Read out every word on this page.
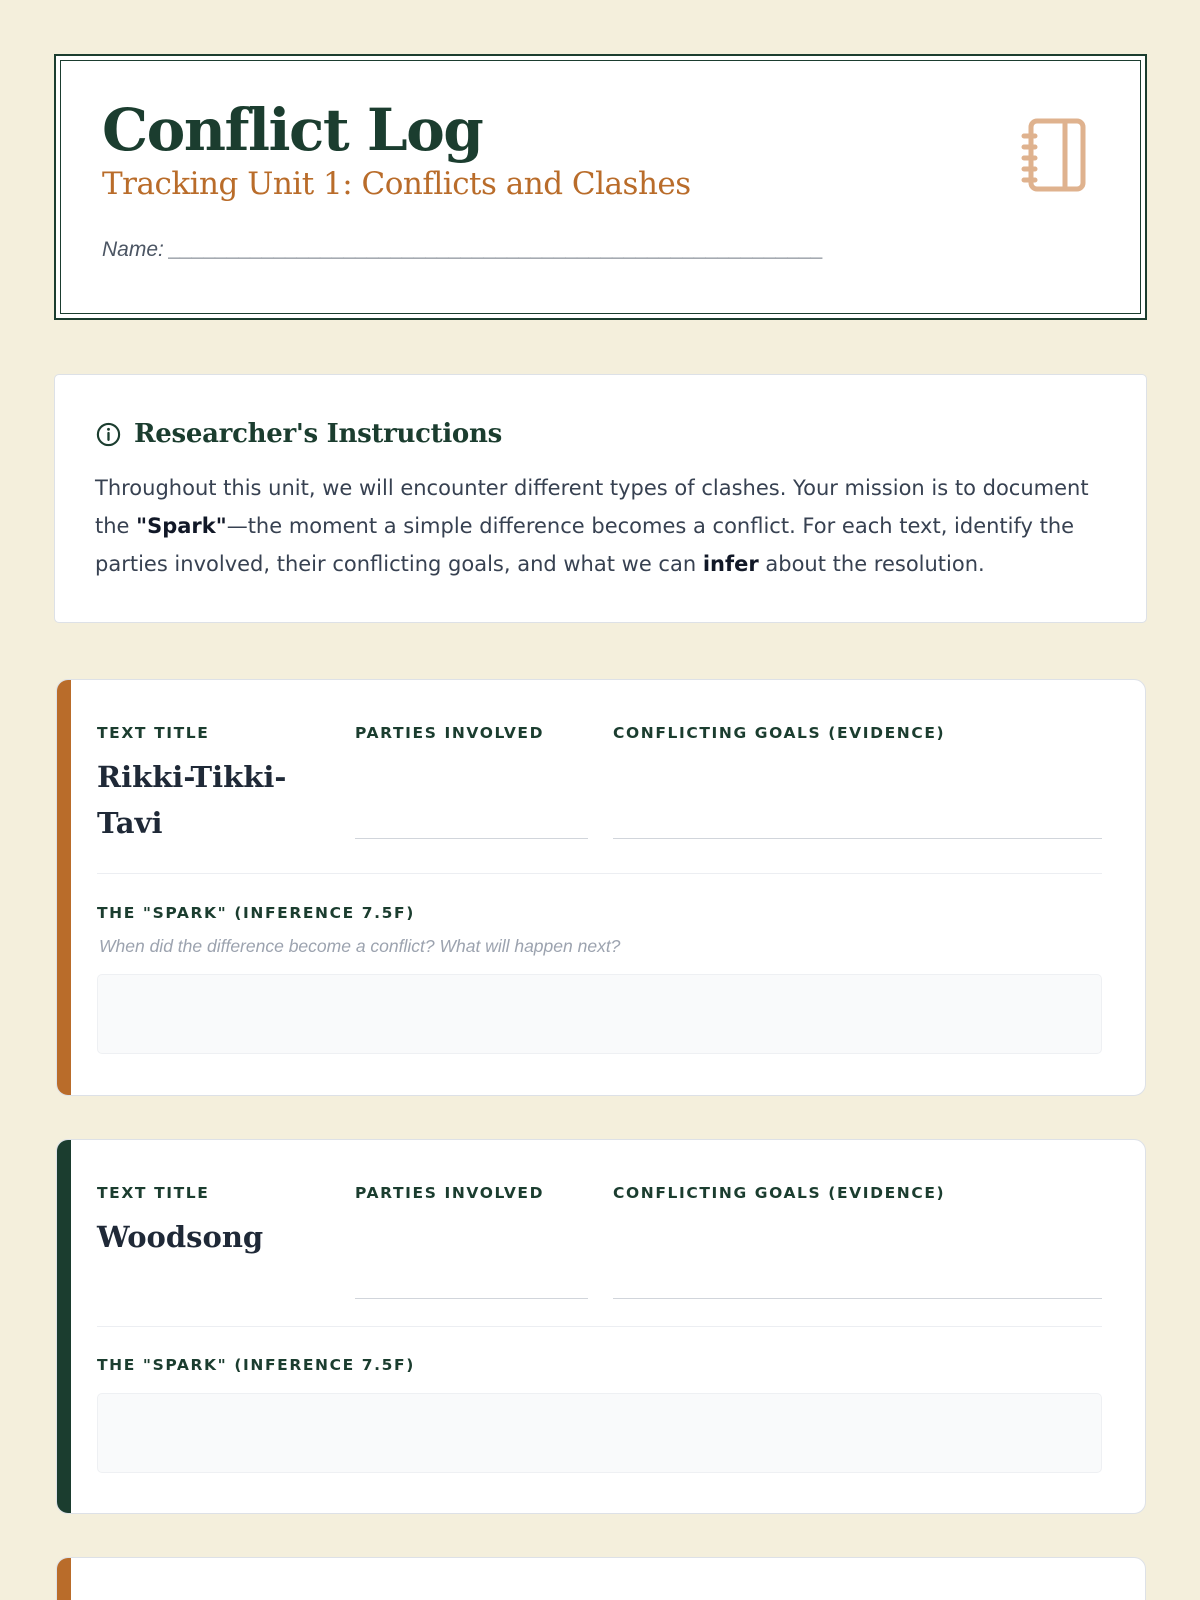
Conflict Log
Tracking Unit 1: Conflicts and Clashes
Name: ________________________________________________________
Researcher's Instructions

Throughout this unit, we will encounter different types of clashes. Your mission is to document the "Spark"—the moment a simple difference becomes a conflict. For each text, identify the parties involved, their conflicting goals, and what we can infer about the resolution.

TEXT TITLE	PARTIES INVOLVED	CONFLICTING GOALS (EVIDENCE)
Rikki-Tikki-Tavi
THE "SPARK" (INFERENCE 7.5F)
When did the difference become a conflict? What will happen next?
TEXT TITLE	PARTIES INVOLVED	CONFLICTING GOALS (EVIDENCE)
Woodsong
THE "SPARK" (INFERENCE 7.5F)
